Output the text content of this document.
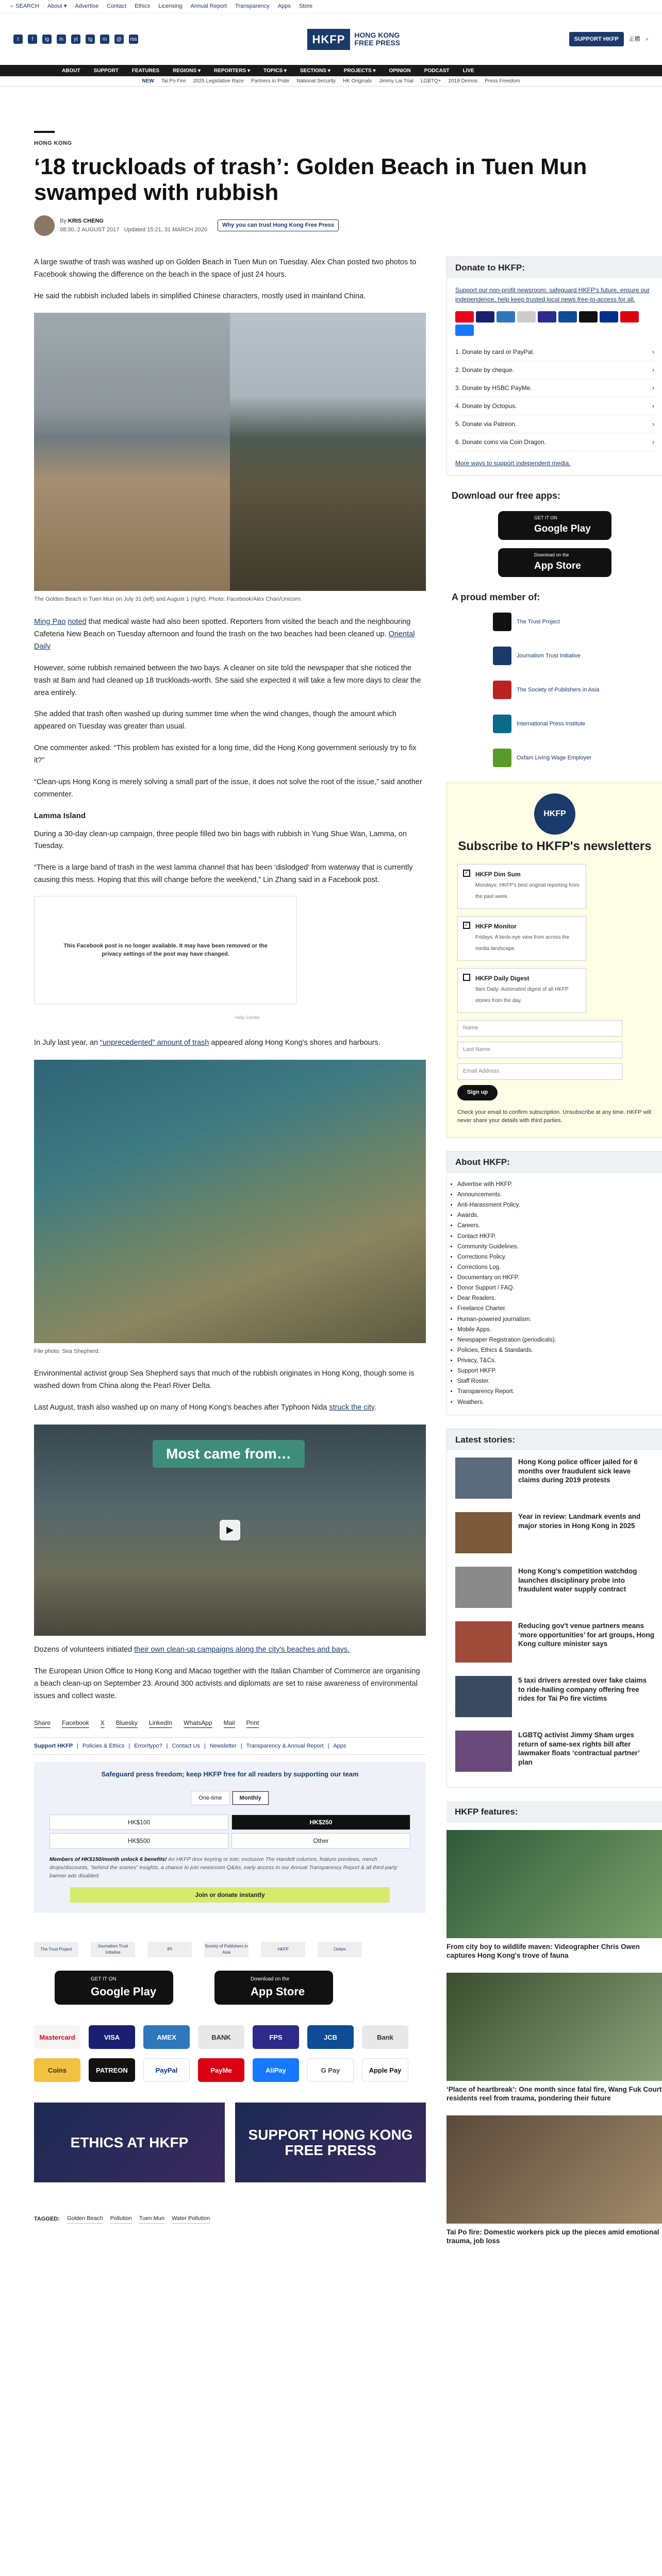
⌕ SEARCH About ▾ Advertise Contact Ethics Licensing Annual Report Transparency Apps Store
t	f	ig	in	yt	tg	m	@	rss	HKFP	HONG KONG
FREE PRESS	SUPPORT HKFP	正體 ⌕
ABOUT	SUPPORT	FEATURES	REGIONS ▾	REPORTERS ▾	TOPICS ▾	SECTIONS ▾	PROJECTS ▾	OPINION	PODCAST	LIVE
NEW Tai Po Fire 2025 Legislative Race Partners in Pride National Security HK Originals Jimmy Lai Trial LGBTQ+ 2019 Demos Press Freedom
HONG KONG
‘18 truckloads of trash’: Golden Beach in Tuen Mun swamped with rubbish
By KRIS CHENG
08:30, 2 AUGUST 2017 Updated 15:21, 31 MARCH 2020
Why you can trust Hong Kong Free Press

A large swathe of trash was washed up on Golden Beach in Tuen Mun on Tuesday. Alex Chan posted two photos to Facebook showing the difference on the beach in the space of just 24 hours.

He said the rubbish included labels in simplified Chinese characters, mostly used in mainland China.

The Golden Beach in Tuen Mun on July 31 (left) and August 1 (right). Photo: Facebook/Alex Chan/Unicorn.

Ming Pao noted that medical waste had also been spotted. Reporters from visited the beach and the neighbouring Cafeteria New Beach on Tuesday afternoon and found the trash on the two beaches had been cleaned up. Oriental Daily

However, some rubbish remained between the two bays. A cleaner on site told the newspaper that she noticed the trash at 8am and had cleaned up 18 truckloads-worth. She said she expected it will take a few more days to clear the area entirely.

She added that trash often washed up during summer time when the wind changes, though the amount which appeared on Tuesday was greater than usual.

One commenter asked: “This problem has existed for a long time, did the Hong Kong government seriously try to fix it?”

“Clean-ups Hong Kong is merely solving a small part of the issue, it does not solve the root of the issue,” said another commenter.

Lamma Island

During a 30-day clean-up campaign, three people filled two bin bags with rubbish in Yung Shue Wan, Lamma, on Tuesday.

“There is a large band of trash in the west lamma channel that has been ‘dislodged’ from waterway that is currently causing this mess. Hoping that this will change before the weekend,” Lin Zhang said in a Facebook post.

This Facebook post is no longer available. It may have been removed or the privacy settings of the post may have changed.
Help Center

In July last year, an “unprecedented” amount of trash appeared along Hong Kong's shores and harbours.

File photo: Sea Shepherd.

Environmental activist group Sea Shepherd says that much of the rubbish originates in Hong Kong, though some is washed down from China along the Pearl River Delta.

Last August, trash also washed up on many of Hong Kong's beaches after Typhoon Nida struck the city.

Most came from…
▶

Dozens of volunteers initiated their own clean-up campaigns along the city's beaches and bays.

The European Union Office to Hong Kong and Macao together with the Italian Chamber of Commerce are organising a beach clean-up on September 23. Around 300 activists and diplomats are set to raise awareness of environmental issues and collect waste.

Share Facebook X Bluesky LinkedIn WhatsApp Mail Print
Support HKFP | Policies & Ethics | Error/typo? | Contact Us | Newsletter | Transparency & Annual Report | Apps
Safeguard press freedom; keep HKFP free for all readers by supporting our team
One-time	Monthly
HK$100	HK$250
HK$500	Other
Members of HK$150/month unlock 6 benefits! An HKFP door keyring or tote; exclusive The Hamlett columns, feature previews, merch drops/discounts, “behind the scenes” insights, a chance to join newsroom Q&As, early access to our Annual Transparency Report & all third-party banner ads disabled.
Join or donate instantly
The Trust Project
Journalism Trust Initiative
IPI
Society of Publishers in Asia
HKFP	Oxfam
GET IT ON
Google Play
Download on the
App Store
Mastercard	VISA	AMEX	BANK	FPS	JCB	Bank
Coins	PATREON	PayPal	PayMe	AliPay	G Pay	Apple Pay
ETHICS AT HKFP	SUPPORT HONG KONG FREE PRESS
TAGGED: Golden Beach Pollution Tuen Mun Water Pollution
Donate to HKFP:
Support our non-profit newsroom: safeguard HKFP's future, ensure our independence, help keep trusted local news free-to-access for all.
1. Donate by card or PayPal.	›
2. Donate by cheque.	›
3. Donate by HSBC PayMe.	›
4. Donate by Octopus.	›
5. Donate via Patreon.	›
6. Donate coins via Coin Dragon.	›
More ways to support independent media.
Download our free apps:
GET IT ON
Google Play
Download on the
App Store
A proud member of:
The Trust Project
Journalism Trust Initiative
The Society of Publishers in Asia
International Press Institute
Oxfam Living Wage Employer
HKFP
Subscribe to HKFP's newsletters
✓ HKFP Dim Sum
Mondays: HKFP's best original reporting from the past week.
✓ HKFP Monitor
Fridays: A birds-eye view from across the media landscape.
HKFP Daily Digest
9am Daily: Automated digest of all HKFP stories from the day.
Name
Last Name
Email Address
Sign up
Check your email to confirm subscription. Unsubscribe at any time. HKFP will never share your details with third parties.
About HKFP:
• Advertise with HKFP.
• Announcements.
• Anti-Harassment Policy.
• Awards.
• Careers.
• Contact HKFP.
• Community Guidelines.
• Corrections Policy.
• Corrections Log.
• Documentary on HKFP.
• Donor Support / FAQ.
• Dear Readers.
• Freelance Charter.
• Human-powered journalism.
• Mobile Apps.
• Newspaper Registration (periodicals).
• Policies, Ethics & Standards.
• Privacy, T&Cs.
• Support HKFP.
• Staff Roster.
• Transparency Report.
• Weathers.
Latest stories:
Hong Kong police officer jailed for 6 months over fraudulent sick leave claims during 2019 protests
Year in review: Landmark events and major stories in Hong Kong in 2025
Hong Kong's competition watchdog launches disciplinary probe into fraudulent water supply contract
Reducing gov't venue partners means ‘more opportunities’ for art groups, Hong Kong culture minister says
5 taxi drivers arrested over fake claims to ride-hailing company offering free rides for Tai Po fire victims
LGBTQ activist Jimmy Sham urges return of same-sex rights bill after lawmaker floats ‘contractual partner’ plan
HKFP features:
From city boy to wildlife maven: Videographer Chris Owen captures Hong Kong's trove of fauna
‘Place of heartbreak’: One month since fatal fire, Wang Fuk Court residents reel from trauma, pondering their future
Tai Po fire: Domestic workers pick up the pieces amid emotional trauma, job loss
